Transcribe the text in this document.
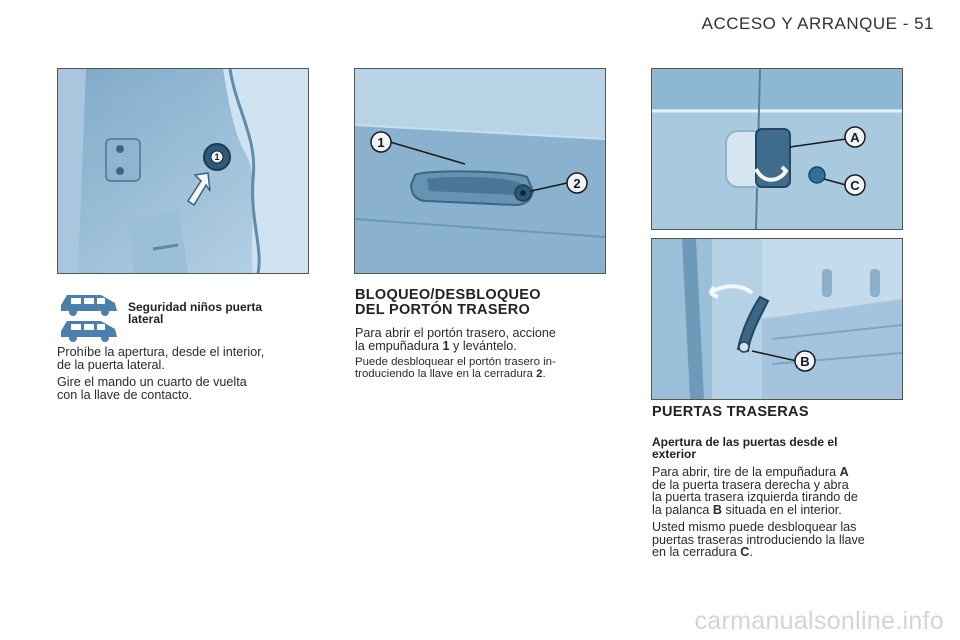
ACCESO Y ARRANQUE - 51
1
1
2
A
C
B
Seguridad niños puerta
lateral
Prohíbe la apertura, desde el interior,
de la puerta lateral.
Gire el mando un cuarto de vuelta
con la llave de contacto.
BLOQUEO/DESBLOQUEO
DEL PORTÓN TRASERO
Para abrir el portón trasero, accione
la empuñadura 1 y levántelo.
Puede desbloquear el portón trasero in-
troduciendo la llave en la cerradura 2.
PUERTAS TRASERAS
Apertura de las puertas desde el
exterior
Para abrir, tire de la empuñadura A
de la puerta trasera derecha y abra
la puerta trasera izquierda tirando de
la palanca B situada en el interior.
Usted mismo puede desbloquear las
puertas traseras introduciendo la llave
en la cerradura C.
carmanualsonline.info
